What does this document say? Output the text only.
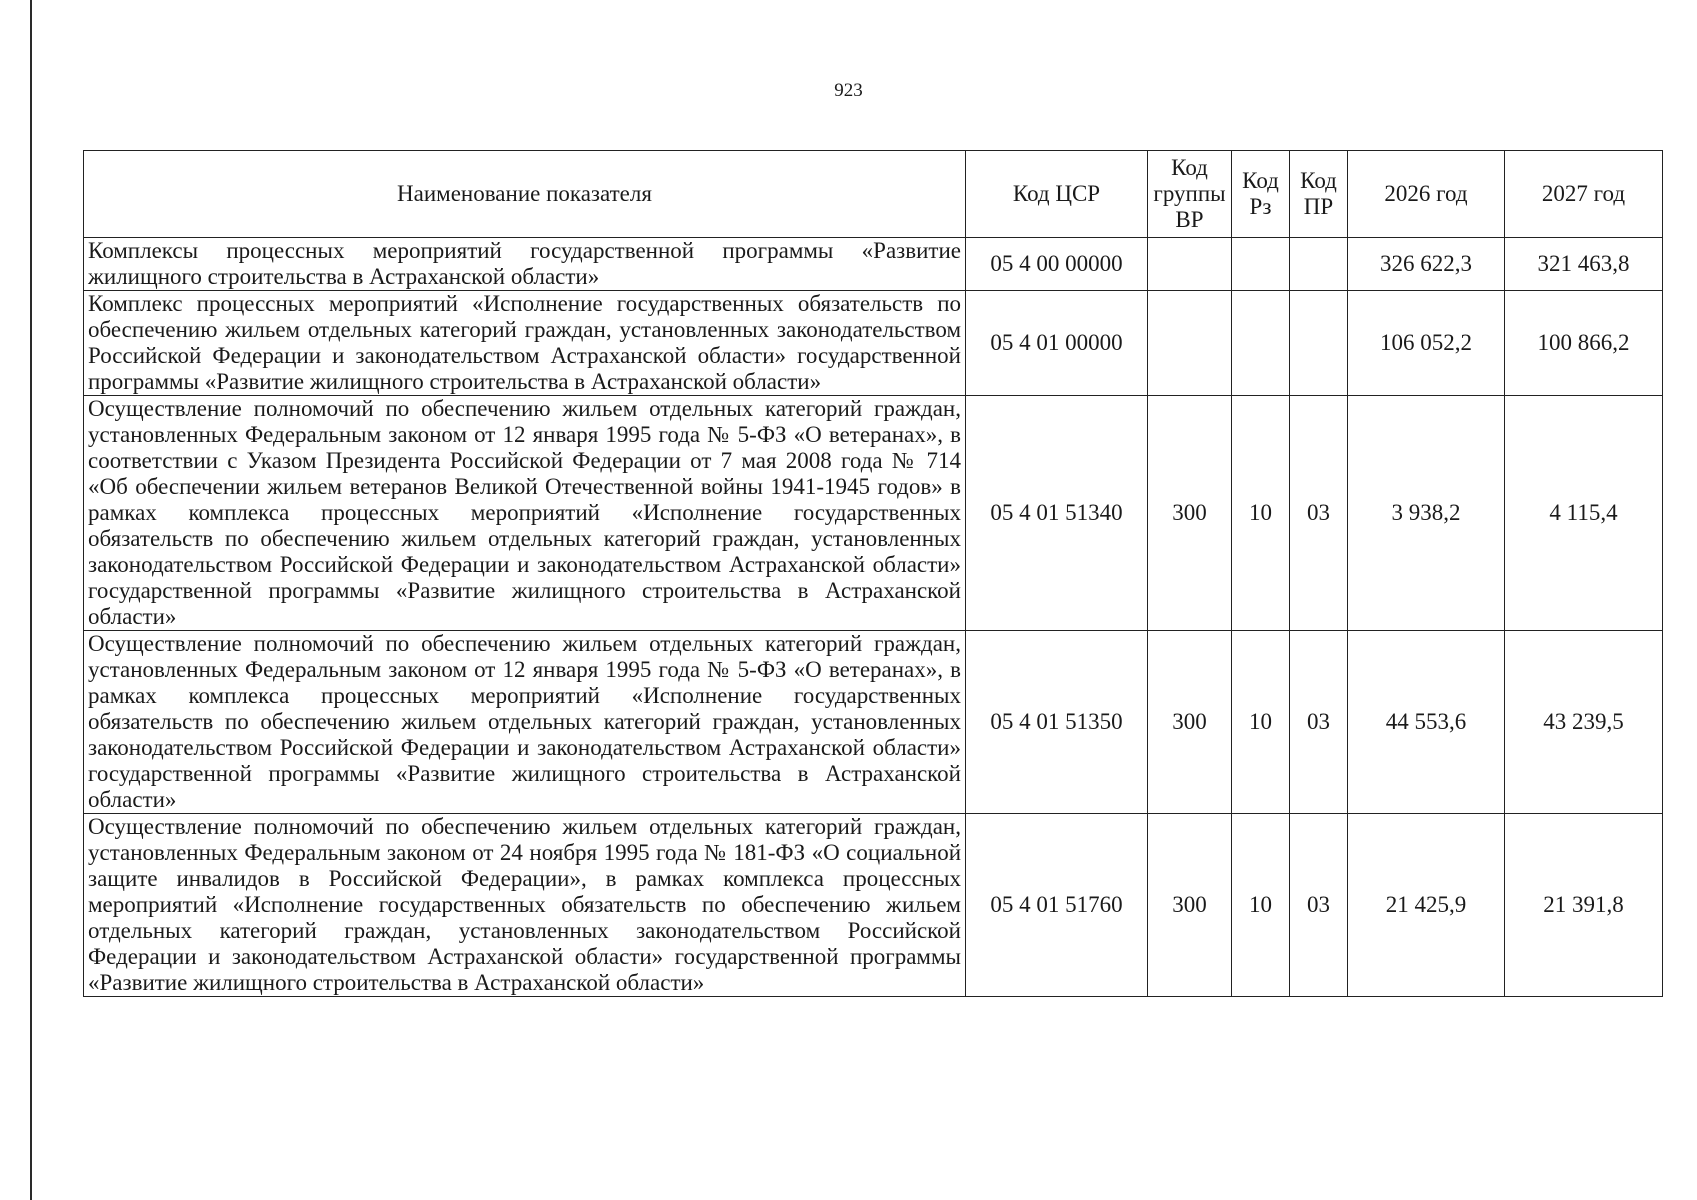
923
Наименование показателя	Код ЦСР	Код группы ВР	Код Рз	Код ПР	2026 год	2027 год
Комплексы процессных мероприятий государственной программы «Развитие жилищного строительства в Астраханской области»	05 4 00 00000				326 622,3	321 463,8
Комплекс процессных мероприятий «Исполнение государственных обязательств по обеспечению жильем отдельных категорий граждан, установленных законодательством Российской Федерации и законодательством Астраханской области» государственной программы «Развитие жилищного строительства в Астраханской области»	05 4 01 00000				106 052,2	100 866,2
Осуществление полномочий по обеспечению жильем отдельных категорий граждан, установленных Федеральным законом от 12 января 1995 года № 5-ФЗ «О ветеранах», в соответствии с Указом Президента Российской Федерации от 7 мая 2008 года № 714 «Об обеспечении жильем ветеранов Великой Отечественной войны 1941-1945 годов» в рамках комплекса процессных мероприятий «Исполнение государственных обязательств по обеспечению жильем отдельных категорий граждан, установленных законодательством Российской Федерации и законодательством Астраханской области» государственной программы «Развитие жилищного строительства в Астраханской области»	05 4 01 51340	300	10	03	3 938,2	4 115,4
Осуществление полномочий по обеспечению жильем отдельных категорий граждан, установленных Федеральным законом от 12 января 1995 года № 5-ФЗ «О ветеранах», в рамках комплекса процессных мероприятий «Исполнение государственных обязательств по обеспечению жильем отдельных категорий граждан, установленных законодательством Российской Федерации и законодательством Астраханской области» государственной программы «Развитие жилищного строительства в Астраханской области»	05 4 01 51350	300	10	03	44 553,6	43 239,5
Осуществление полномочий по обеспечению жильем отдельных категорий граждан, установленных Федеральным законом от 24 ноября 1995 года № 181-ФЗ «О социальной защите инвалидов в Российской Федерации», в рамках комплекса процессных мероприятий «Исполнение государственных обязательств по обеспечению жильем отдельных категорий граждан, установленных законодательством Российской Федерации и законодательством Астраханской области» государственной программы «Развитие жилищного строительства в Астраханской области»	05 4 01 51760	300	10	03	21 425,9	21 391,8
